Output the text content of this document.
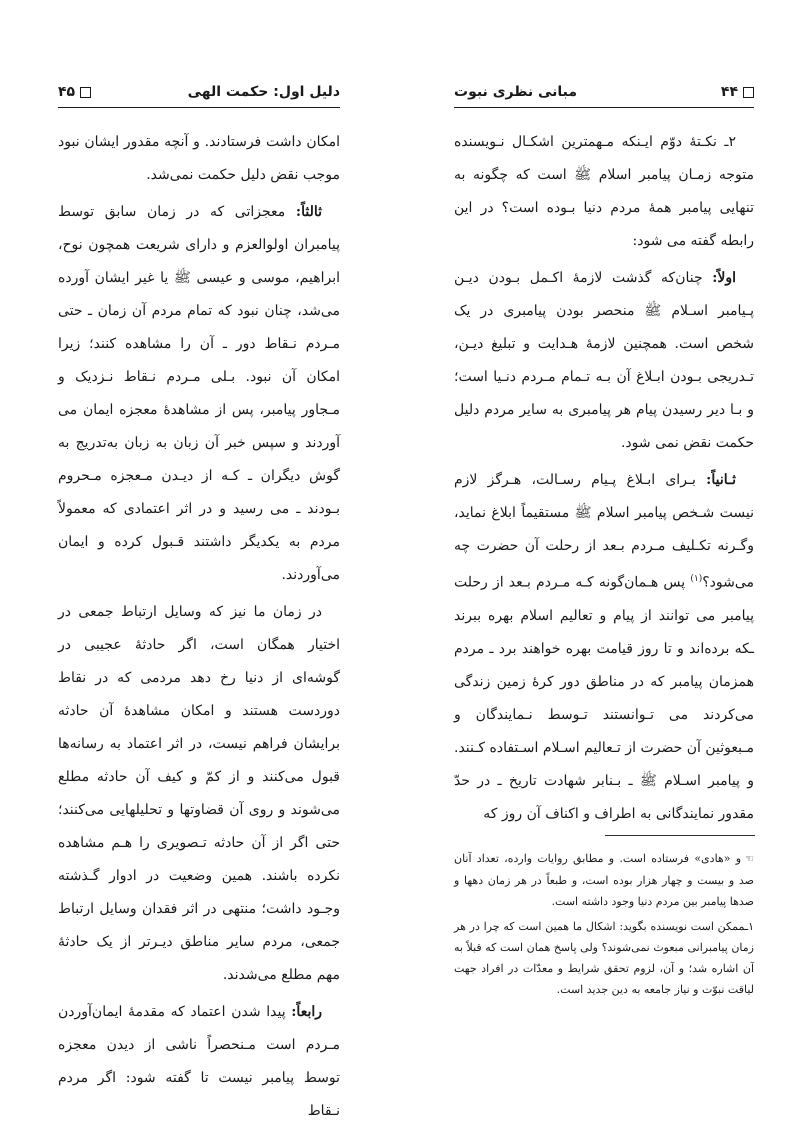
دلیل اول: حکمت الهی
۴۵

امکان داشت فرستادند. و آنچه مقدور ایشان نبود موجب نقض دلیل حکمت نمی‌شد.

ثالثاً: معجزاتی که در زمان سابق توسط پیامبران اولوالعزم و دارای شریعت همچون نوح، ابراهیم، موسی و عیسی ﷺ یا غیر ایشان آورده می‌شد، چنان نبود که تمام مردم آن زمان ـ حتی مـردم نـقاط دور ـ آن را مشاهده کنند؛ زیرا امکان آن نبود. بـلی مـردم نـقاط نـزدیک و مـجاور پیامبر، پس از مشاهدهٔ معجزه ایمان می آوردند و سپس خبر آن زبان به زبان به‌تدریج به گوش دیگران ـ کـه از دیـدن مـعجزه مـحروم بـودند ـ می رسید و در اثر اعتمادی که معمولاً مردم به یکدیگر داشتند قـبول کرده و ایمان می‌آوردند.

در زمان ما نیز که وسایل ارتباط جمعی در اختیار همگان است، اگر حادثهٔ عجیبی در گوشه‌ای از دنیا رخ دهد مردمی که در نقاط دوردست هستند و امکان مشاهدهٔ آن حادثه برایشان فراهم نیست، در اثر اعتماد به رسانه‌ها قبول می‌کنند و از کمّ و کیف آن حادثه مطلع می‌شوند و روی آن قضاوتها و تحلیلهایی می‌کنند؛ حتی اگر از آن حادثه تـصویری را هـم مشاهده نکرده باشند. همین وضعیت در ادوار گـذشته وجـود داشت؛ منتهی در اثر فقدان وسایل ارتباط جمعی، مردم سایر مناطق دیـرتر از یک حادثهٔ مهم مطلع می‌شدند.

رابعاً: پیدا شدن اعتماد که مقدمهٔ ایمان‌آوردن مـردم است مـنحصراً ناشی از دیدن معجزه توسط پیامبر نیست تا گفته شود: اگر مردم نـقاط

۴۴
مبانی نظری نبوت

۲ـ نکـتهٔ دوّم ایـنکه مـهمترین اشکـال نـویسنده متوجه زمـان پیامبر اسلام ﷺ است که چگونه به تنهایی پیامبر همهٔ مردم دنیا بـوده است؟ در این رابطه گفته می شود:

اولاً: چنان‌که گذشت لازمهٔ اکـمل بـودن دیـن پـیامبر اسـلام ﷺ منحصر بودن پیامبری در یک شخص است. همچنین لازمهٔ هـدایت و تبلیغ دیـن، تـدریجی بـودن ابـلاغ آن بـه تـمام مـردم دنـیا است؛ و بـا دیر رسیدن پیام هر پیامبری به سایر مردم دلیل حکمت نقض نمی شود.

ثـانیاً: بـرای ابـلاغ پـیام رسـالت، هـرگز لازم نیست شـخص پیامبر اسلام ﷺ مستقیماً ابلاغ نماید، وگـرنه تکـلیف مـردم بـعد از رحلت آن حضرت چه می‌شود؟$^{(۱)}$ پس هـمان‌گونه کـه مـردم بـعد از رحلت پیامبر می توانند از پیام و تعالیم اسلام بهره ببرند ـکه برده‌اند و تا روز قیامت بهره خواهند برد ـ مردم همزمان پیامبر که در مناطق دور کرهٔ زمین زندگی می‌کردند می تـوانستند تـوسط نـمایندگان و مـبعوثین آن حضرت از تـعالیم اسـلام اسـتفاده کـنند. و پیامبر اسـلام ﷺ ـ بـنابر شهادت تاریخ ـ در حدّ مقدور نمایندگانی به اطراف و اکناف آن روز که

☜و «هادی» فرستاده است. و مطابق روایات وارده، تعداد آنان صد و بیست و چهار هزار بوده است، و طبعاً در هر زمان دهها و صدها پیامبر بین مردم دنیا وجود داشته است.

۱ـممکن است نویسنده بگوید: اشکال ما همین است که چرا در هر زمان پیامبرانی مبعوث نمی‌شوند؟ ولی پاسخ همان است که قبلاً به آن اشاره شد؛ و آن، لزوم تحقق شرایط و معدّات در افراد جهت لیاقت نبوّت و نیاز جامعه به دین جدید است.
